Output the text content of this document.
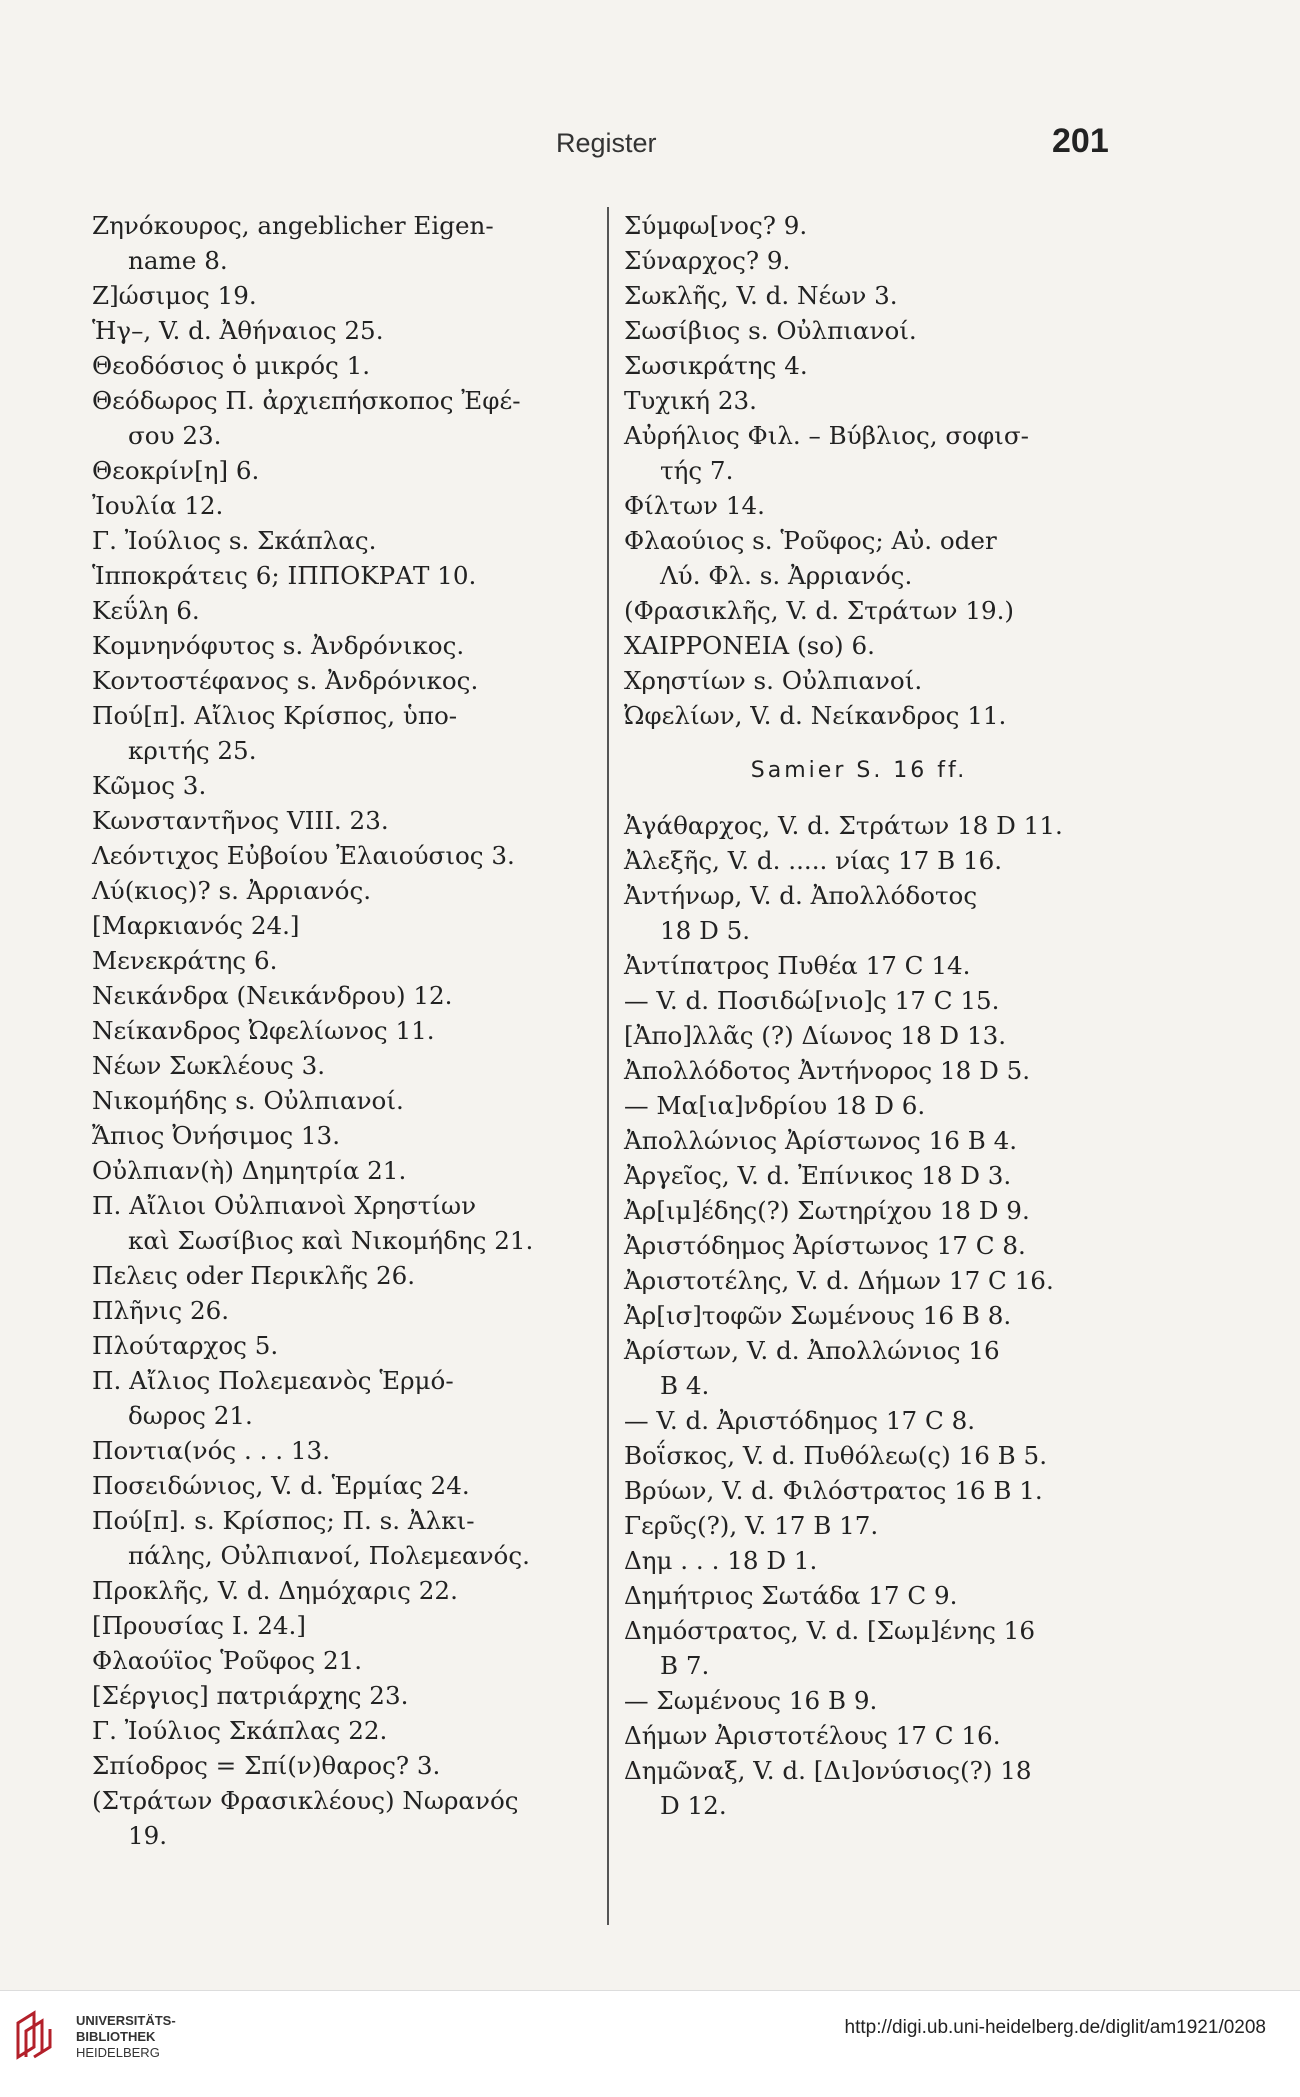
Register	201
Ζηνόκουρος, angeblicher Eigen-
name 8.
Ζ]ώσιμος 19.
Ἡγ–, V. d. Ἀθήναιος 25.
Θεοδόσιος ὁ μικρός 1.
Θεόδωρος Π. ἀρχιεπήσκοπος Ἐφέ-
σου 23.
Θεοκρίν[η] 6.
Ἰουλία 12.
Γ. Ἰούλιος s. Σκάπλας.
Ἱπποκράτεις 6; ΙΠΠΟΚΡΑΤ 10.
Κεΰλη 6.
Κομνηνόφυτος s. Ἀνδρόνικος.
Κοντοστέφανος s. Ἀνδρόνικος.
Πού[π]. Αἴλιος Κρίσπος, ὑπο-
κριτής 25.
Κῶμος 3.
Κωνσταντῆνος VIII. 23.
Λεόντιχος Εὐβοίου Ἐλαιούσιος 3.
Λύ(κιος)? s. Ἀρριανός.
[Μαρκιανός 24.]
Μενεκράτης 6.
Νεικάνδρα (Νεικάνδρου) 12.
Νείκανδρος Ὠφελίωνος 11.
Νέων Σωκλέους 3.
Νικομήδης s. Οὐλπιανοί.
Ἄπιος Ὀνήσιμος 13.
Οὐλπιαν(ὴ) Δημητρία 21.
Π. Αἴλιοι Οὐλπιανοὶ Χρηστίων
καὶ Σωσίβιος καὶ Νικομήδης 21.
Πελεις oder Περικλῆς 26.
Πλῆνις 26.
Πλούταρχος 5.
Π. Αἴλιος Πολεμεανὸς Ἑρμό-
δωρος 21.
Ποντια(νός . . . 13.
Ποσειδώνιος, V. d. Ἑρμίας 24.
Πού[π]. s. Κρίσπος; Π. s. Ἀλκι-
πάλης, Οὐλπιανοί, Πολεμεανός.
Προκλῆς, V. d. Δημόχαρις 22.
[Προυσίας I. 24.]
Φλαούϊος Ῥοῦφος 21.
[Σέργιος] πατριάρχης 23.
Γ. Ἰούλιος Σκάπλας 22.
Σπίοδρος = Σπί(ν)θαρος? 3.
(Στράτων Φρασικλέους) Νωρανός
19.
Σύμφω[νος? 9.
Σύναρχος? 9.
Σωκλῆς, V. d. Νέων 3.
Σωσίβιος s. Οὐλπιανοί.
Σωσικράτης 4.
Τυχική 23.
Αὐρήλιος Φιλ. – Βύβλιος, σοφισ-
τής 7.
Φίλτων 14.
Φλαούιος s. Ῥοῦφος; Αὐ. oder
Λύ. Φλ. s. Ἀρριανός.
(Φρασικλῆς, V. d. Στράτων 19.)
ΧΑΙΡΡΟΝΕΙΑ (so) 6.
Χρηστίων s. Οὐλπιανοί.
Ὠφελίων, V. d. Νείκανδρος 11.
Samier S. 16 ff.
Ἀγάθαρχος, V. d. Στράτων 18 D 11.
Ἀλεξῆς, V. d. ..... νίας 17 B 16.
Ἀντήνωρ, V. d. Ἀπολλόδοτος
18 D 5.
Ἀντίπατρος Πυθέα 17 C 14.
— V. d. Ποσιδώ[νιο]ς 17 C 15.
[Ἀπο]λλᾶς (?) Δίωνος 18 D 13.
Ἀπολλόδοτος Ἀντήνορος 18 D 5.
— Μα[ια]νδρίου 18 D 6.
Ἀπολλώνιος Ἀρίστωνος 16 B 4.
Ἀργεῖος, V. d. Ἐπίνικος 18 D 3.
Ἀρ[ιμ]έδης(?) Σωτηρίχου 18 D 9.
Ἀριστόδημος Ἀρίστωνος 17 C 8.
Ἀριστοτέλης, V. d. Δήμων 17 C 16.
Ἀρ[ισ]τοφῶν Σωμένους 16 B 8.
Ἀρίστων, V. d. Ἀπολλώνιος 16
B 4.
— V. d. Ἀριστόδημος 17 C 8.
Βοΐσκος, V. d. Πυθόλεω(ς) 16 B 5.
Βρύων, V. d. Φιλόστρατος 16 B 1.
Γερῦς(?), V. 17 B 17.
Δημ . . . 18 D 1.
Δημήτριος Σωτάδα 17 C 9.
Δημόστρατος, V. d. [Σωμ]ένης 16
B 7.
— Σωμένους 16 B 9.
Δήμων Ἀριστοτέλους 17 C 16.
Δημῶναξ, V. d. [Δι]ονύσιος(?) 18
D 12.
UNIVERSITÄTS-
BIBLIOTHEK
HEIDELBERG
http://digi.ub.uni-heidelberg.de/diglit/am1921/0208
